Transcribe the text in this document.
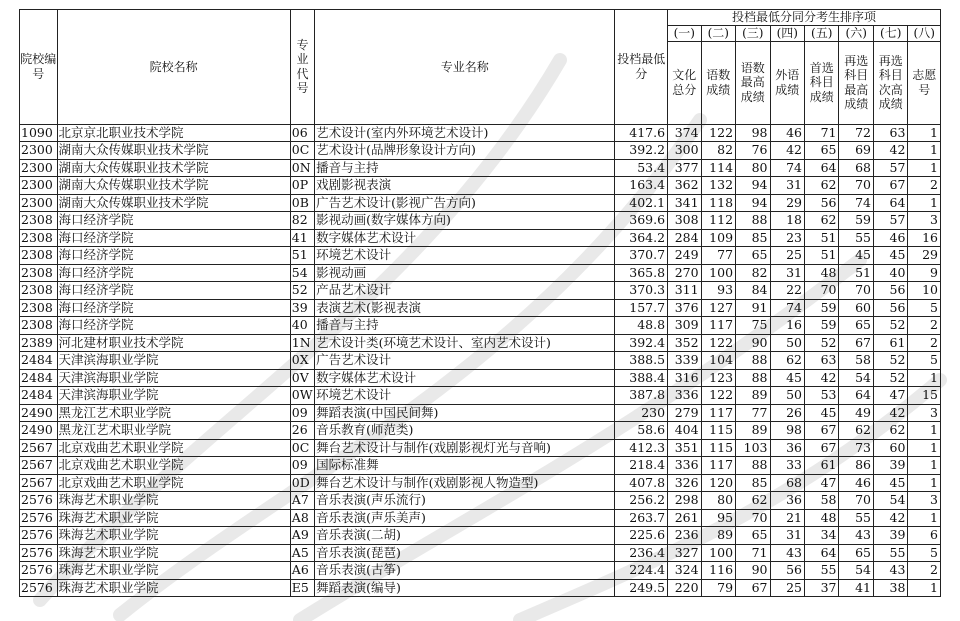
院校编号	院校名称	专业代号	专业名称	投档最低分	投档最低分同分考生排序项							
					(一)	(二)	(三)	(四)	(五)	(六)	(七)	(八)
					文化总分	语数成绩	语数最高成绩	外语成绩	首选科目成绩	再选科目最高成绩	再选科目次高成绩	志愿号
1090	北京京北职业技术学院	06	艺术设计(室内外环境艺术设计)	417.6	374	122	98	46	71	72	63	1
2300	湖南大众传媒职业技术学院	0C	艺术设计(品牌形象设计方向)	392.2	300	82	76	42	65	69	42	1
2300	湖南大众传媒职业技术学院	0N	播音与主持	53.4	377	114	80	74	64	68	57	1
2300	湖南大众传媒职业技术学院	0P	戏剧影视表演	163.4	362	132	94	31	62	70	67	2
2300	湖南大众传媒职业技术学院	0B	广告艺术设计(影视广告方向)	402.1	341	118	94	29	56	74	64	1
2308	海口经济学院	82	影视动画(数字媒体方向)	369.6	308	112	88	18	62	59	57	3
2308	海口经济学院	41	数字媒体艺术设计	364.2	284	109	85	23	51	55	46	16
2308	海口经济学院	51	环境艺术设计	370.7	249	77	65	25	51	45	45	29
2308	海口经济学院	54	影视动画	365.8	270	100	82	31	48	51	40	9
2308	海口经济学院	52	产品艺术设计	370.3	311	93	84	22	70	70	56	10
2308	海口经济学院	39	表演艺术(影视表演	157.7	376	127	91	74	59	60	56	5
2308	海口经济学院	40	播音与主持	48.8	309	117	75	16	59	65	52	2
2389	河北建材职业技术学院	1N	艺术设计类(环境艺术设计、室内艺术设计)	392.4	352	122	90	50	52	67	61	2
2484	天津滨海职业学院	0X	广告艺术设计	388.5	339	104	88	62	63	58	52	5
2484	天津滨海职业学院	0V	数字媒体艺术设计	388.4	316	123	88	45	42	54	52	1
2484	天津滨海职业学院	0W	环境艺术设计	387.8	336	122	89	50	53	64	47	15
2490	黑龙江艺术职业学院	09	舞蹈表演(中国民间舞)	230	279	117	77	26	45	49	42	3
2490	黑龙江艺术职业学院	26	音乐教育(师范类)	58.6	404	115	89	98	67	62	62	1
2567	北京戏曲艺术职业学院	0C	舞台艺术设计与制作(戏剧影视灯光与音响)	412.3	351	115	103	36	67	73	60	1
2567	北京戏曲艺术职业学院	09	国际标准舞	218.4	336	117	88	33	61	86	39	1
2567	北京戏曲艺术职业学院	0D	舞台艺术设计与制作(戏剧影视人物造型)	407.8	326	120	85	68	47	46	45	1
2576	珠海艺术职业学院	A7	音乐表演(声乐流行)	256.2	298	80	62	36	58	70	54	3
2576	珠海艺术职业学院	A8	音乐表演(声乐美声)	263.7	261	95	70	21	48	55	42	1
2576	珠海艺术职业学院	A9	音乐表演(二胡)	225.6	236	89	65	31	34	43	39	6
2576	珠海艺术职业学院	A5	音乐表演(琵琶)	236.4	327	100	71	43	64	65	55	5
2576	珠海艺术职业学院	A6	音乐表演(古筝)	224.4	324	116	90	56	55	54	43	2
2576	珠海艺术职业学院	E5	舞蹈表演(编导)	249.5	220	79	67	25	37	41	38	1
